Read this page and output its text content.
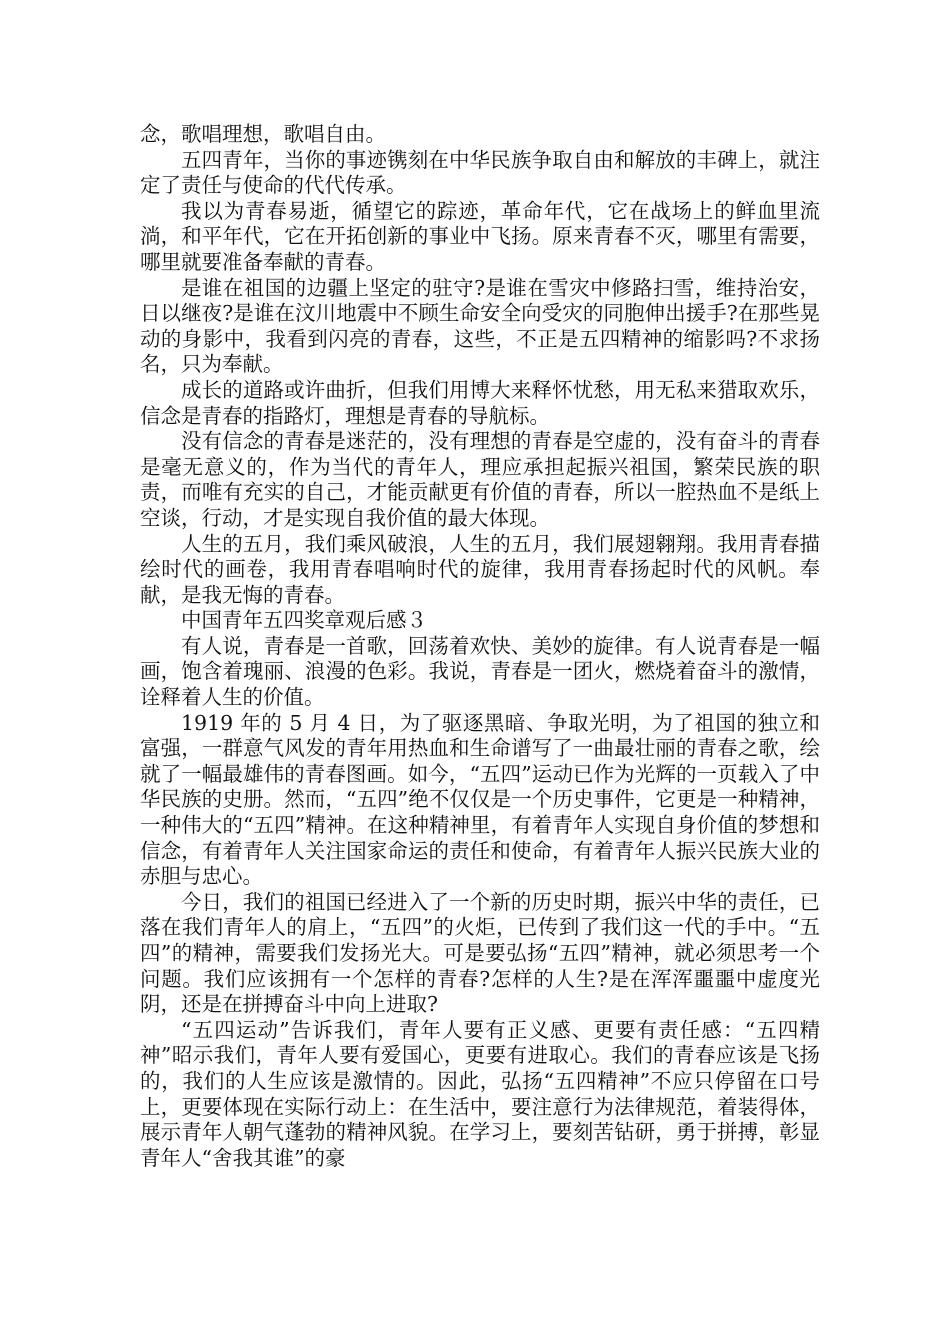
念，歌唱理想，歌唱自由。

五四青年，当你的事迹镌刻在中华民族争取自由和解放的丰碑上，就注定了责任与使命的代代传承。

我以为青春易逝，循望它的踪迹，革命年代，它在战场上的鲜血里流淌，和平年代，它在开拓创新的事业中飞扬。原来青春不灭，哪里有需要，哪里就要准备奉献的青春。

是谁在祖国的边疆上坚定的驻守?是谁在雪灾中修路扫雪，维持治安，日以继夜?是谁在汶川地震中不顾生命安全向受灾的同胞伸出援手?在那些晃动的身影中，我看到闪亮的青春，这些，不正是五四精神的缩影吗?不求扬名，只为奉献。

成长的道路或许曲折，但我们用博大来释怀忧愁，用无私来猎取欢乐，信念是青春的指路灯，理想是青春的导航标。

没有信念的青春是迷茫的，没有理想的青春是空虚的，没有奋斗的青春是毫无意义的，作为当代的青年人，理应承担起振兴祖国，繁荣民族的职责，而唯有充实的自己，才能贡献更有价值的青春，所以一腔热血不是纸上空谈，行动，才是实现自我价值的最大体现。

人生的五月，我们乘风破浪，人生的五月，我们展翅翱翔。我用青春描绘时代的画卷，我用青春唱响时代的旋律，我用青春扬起时代的风帆。奉献，是我无悔的青春。

中国青年五四奖章观后感３

有人说，青春是一首歌，回荡着欢快、美妙的旋律。有人说青春是一幅画，饱含着瑰丽、浪漫的色彩。我说，青春是一团火，燃烧着奋斗的激情，诠释着人生的价值。

1919 年的 5 月 4 日，为了驱逐黑暗、争取光明，为了祖国的独立和富强，一群意气风发的青年用热血和生命谱写了一曲最壮丽的青春之歌，绘就了一幅最雄伟的青春图画。如今，“五四”运动已作为光辉的一页载入了中华民族的史册。然而，“五四”绝不仅仅是一个历史事件，它更是一种精神，一种伟大的“五四”精神。在这种精神里，有着青年人实现自身价值的梦想和信念，有着青年人关注国家命运的责任和使命，有着青年人振兴民族大业的赤胆与忠心。

今日，我们的祖国已经进入了一个新的历史时期，振兴中华的责任，已落在我们青年人的肩上，“五四”的火炬，已传到了我们这一代的手中。“五四”的精神，需要我们发扬光大。可是要弘扬“五四”精神，就必须思考一个问题。我们应该拥有一个怎样的青春?怎样的人生?是在浑浑噩噩中虚度光阴，还是在拼搏奋斗中向上进取?

“五四运动”告诉我们，青年人要有正义感、更要有责任感：“五四精神”昭示我们，青年人要有爱国心，更要有进取心。我们的青春应该是飞扬的，我们的人生应该是激情的。因此，弘扬“五四精神”不应只停留在口号上，更要体现在实际行动上：在生活中，要注意行为法律规范，着装得体，展示青年人朝气蓬勃的精神风貌。在学习上，要刻苦钻研，勇于拼搏，彰显青年人“舍我其谁”的豪
